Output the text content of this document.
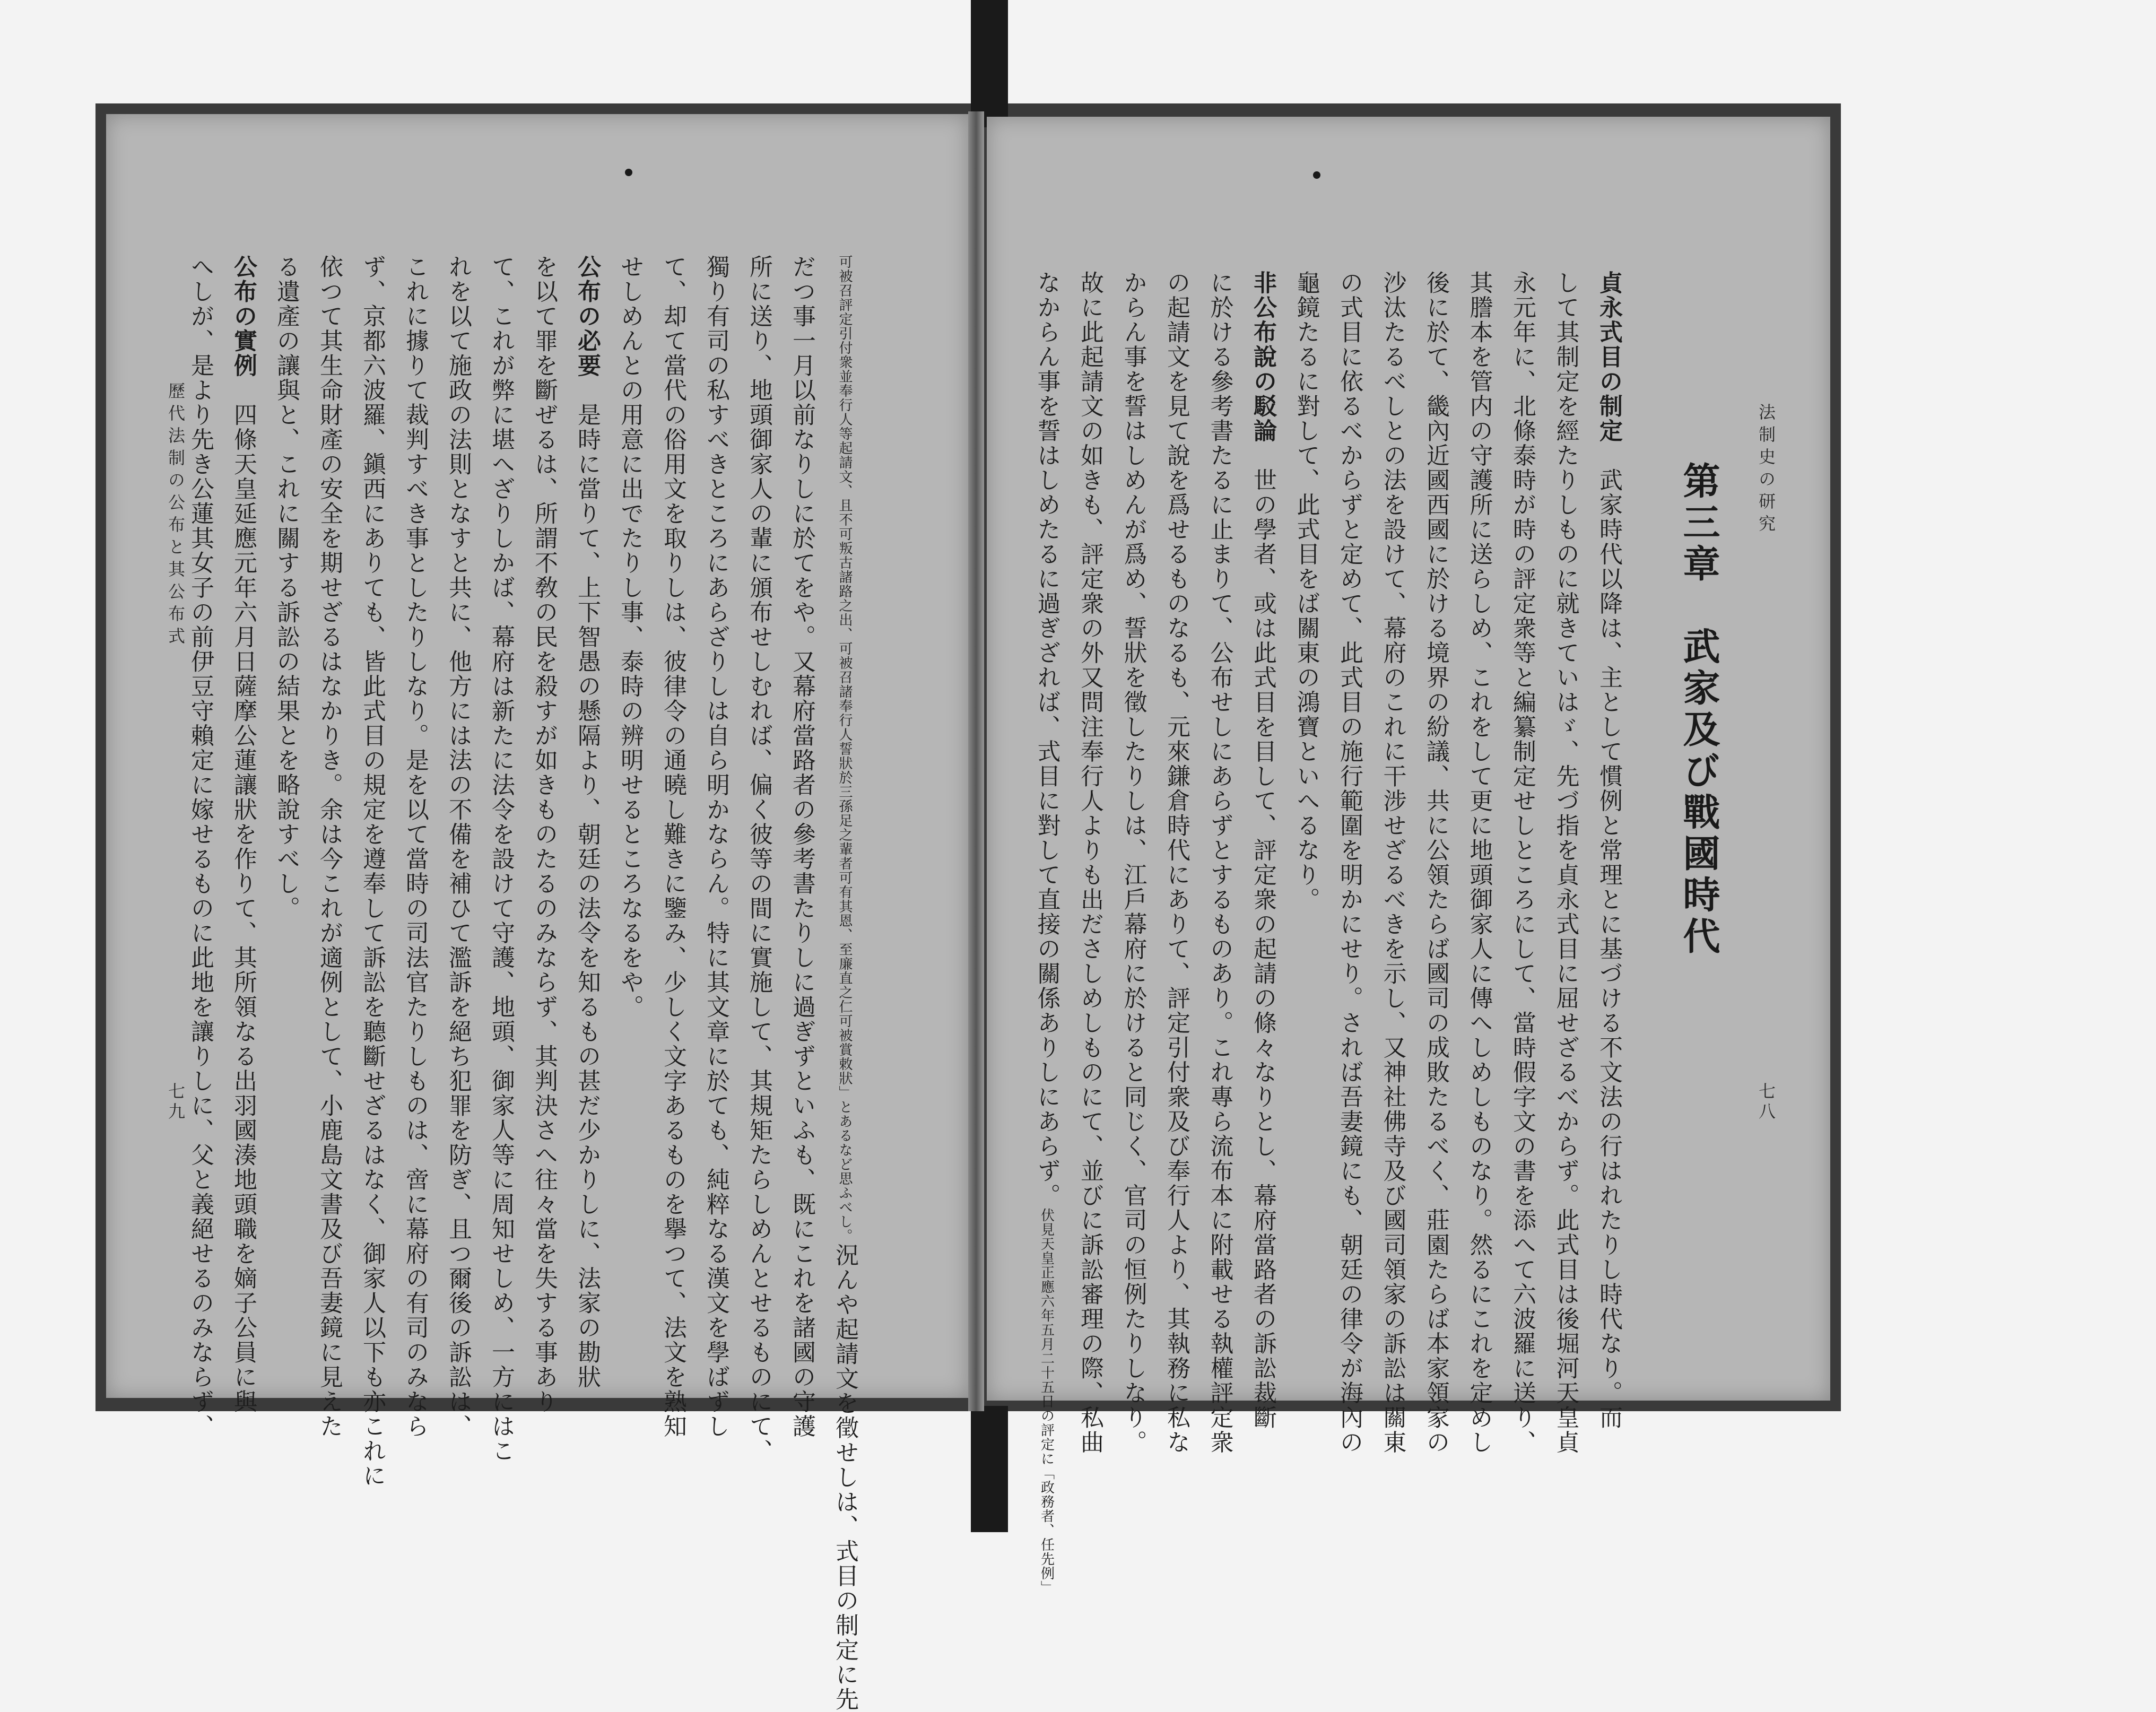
法制史の研究
七八
第三章　武家及び戰國時代
貞永式目の制定　武家時代以降は、主として慣例と常理とに基づける不文法の行はれたりし時代なり。而
して其制定を經たりしものに就きていはゞ、先づ指を貞永式目に屈せざるべからず。此式目は後堀河天皇貞
永元年に、北條泰時が時の評定衆等と編纂制定せしところにして、當時假字文の書を添へて六波羅に送り、
其謄本を管内の守護所に送らしめ、これをして更に地頭御家人に傳へしめしものなり。然るにこれを定めし
後に於て、畿內近國西國に於ける境界の紛議、共に公領たらば國司の成敗たるべく、莊園たらば本家領家の
沙汰たるべしとの法を設けて、幕府のこれに干涉せざるべきを示し、又神社佛寺及び國司領家の訴訟は關東
の式目に依るべからずと定めて、此式目の施行範圍を明かにせり。されば吾妻鏡にも、朝廷の律令が海內の
龜鏡たるに對して、此式目をば關東の鴻寶といへるなり。
非公布說の駁論　世の學者、或は此式目を目して、評定衆の起請の條々なりとし、幕府當路者の訴訟裁斷
に於ける參考書たるに止まりて、公布せしにあらずとするものあり。これ專ら流布本に附載せる執權評定衆
の起請文を見て說を爲せるものなるも、元來鎌倉時代にありて、評定引付衆及び奉行人より、其執務に私な
からん事を誓はしめんが爲め、誓狀を徵したりしは、江戶幕府に於けると同じく、官司の恒例たりしなり。
故に此起請文の如きも、評定衆の外又問注奉行人よりも出ださしめしものにて、並びに訴訟審理の際、私曲
なからん事を誓はしめたるに過ぎざれば、式目に對して直接の關係ありしにあらず。伏見天皇正應六年五月二十五日の評定に「政務者、任先例」
歷代法制の公布と其公布式
七九	可被召評定引付衆並奉行人等起請文、且不可叛古諸路之出、可被召諸奉行人誓狀於三孫足之輩者可有其恩、至廉直之仁可被賞敕狀」とあるなど思ふべし。況んや起請文を徵せしは、式目の制定に先
だつ事一月以前なりしに於てをや。又幕府當路者の參考書たりしに過ぎずといふも、既にこれを諸國の守護
所に送り、地頭御家人の輩に頒布せしむれば、偏く彼等の間に實施して、其規矩たらしめんとせるものにて、
獨り有司の私すべきところにあらざりしは自ら明かならん。特に其文章に於ても、純粹なる漢文を學ばずし
て、却て當代の俗用文を取りしは、彼律令の通曉し難きに鑒み、少しく文字あるものを擧つて、法文を熟知
せしめんとの用意に出でたりし事、泰時の辨明せるところなるをや。
公布の必要　是時に當りて、上下智愚の懸隔より、朝廷の法令を知るもの甚だ少かりしに、法家の勘狀
を以て罪を斷ぜるは、所謂不敎の民を殺すが如きものたるのみならず、其判決さへ往々當を失する事あり
て、これが弊に堪へざりしかば、幕府は新たに法令を設けて守護、地頭、御家人等に周知せしめ、一方にはこ
れを以て施政の法則となすと共に、他方には法の不備を補ひて濫訴を絕ち犯罪を防ぎ、且つ爾後の訴訟は、
これに據りて裁判すべき事としたりしなり。是を以て當時の司法官たりしものは、啻に幕府の有司のみなら
ず、京都六波羅、鎭西にありても、皆此式目の規定を遵奉して訴訟を聽斷せざるはなく、御家人以下も亦これに
依つて其生命財產の安全を期せざるはなかりき。余は今これが適例として、小鹿島文書及び吾妻鏡に見えた
る遺產の讓與と、これに關する訴訟の結果とを略說すべし。
公布の實例　四條天皇延應元年六月日薩摩公蓮讓狀を作りて、其所領なる出羽國湊地頭職を嫡子公員に與
へしが、是より先き公蓮其女子の前伊豆守賴定に嫁せるものに此地を讓りしに、父と義絕せるのみならず、
